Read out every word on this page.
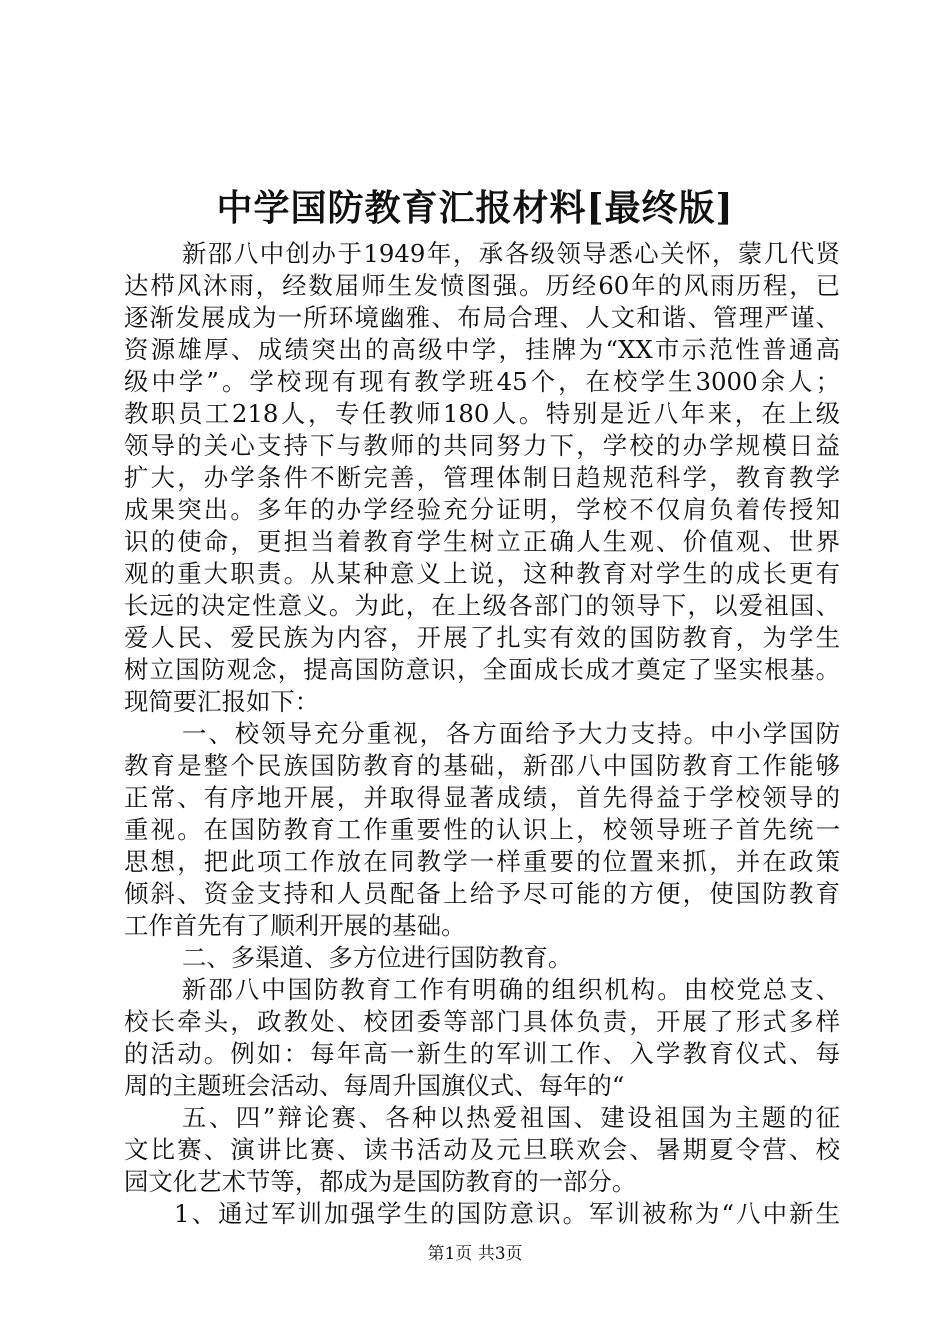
中学国防教育汇报材料[最终版]
新邵八中创办于1949年，承各级领导悉心关怀，蒙几代贤
达栉风沐雨，经数届师生发愤图强。历经60年的风雨历程，已
逐渐发展成为一所环境幽雅、布局合理、人文和谐、管理严谨、
资源雄厚、成绩突出的高级中学，挂牌为“XX市示范性普通高
级中学”。学校现有现有教学班45个，在校学生3000余人；
教职员工218人，专任教师180人。特别是近八年来，在上级
领导的关心支持下与教师的共同努力下，学校的办学规模日益
扩大，办学条件不断完善，管理体制日趋规范科学，教育教学
成果突出。多年的办学经验充分证明，学校不仅肩负着传授知
识的使命，更担当着教育学生树立正确人生观、价值观、世界
观的重大职责。从某种意义上说，这种教育对学生的成长更有
长远的决定性意义。为此，在上级各部门的领导下，以爱祖国、
爱人民、爱民族为内容，开展了扎实有效的国防教育，为学生
树立国防观念，提高国防意识，全面成长成才奠定了坚实根基。
现简要汇报如下：
一、校领导充分重视，各方面给予大力支持。中小学国防
教育是整个民族国防教育的基础，新邵八中国防教育工作能够
正常、有序地开展，并取得显著成绩，首先得益于学校领导的
重视。在国防教育工作重要性的认识上，校领导班子首先统一
思想，把此项工作放在同教学一样重要的位置来抓，并在政策
倾斜、资金支持和人员配备上给予尽可能的方便，使国防教育
工作首先有了顺利开展的基础。
二、多渠道、多方位进行国防教育。
新邵八中国防教育工作有明确的组织机构。由校党总支、
校长牵头，政教处、校团委等部门具体负责，开展了形式多样
的活动。例如：每年高一新生的军训工作、入学教育仪式、每
周的主题班会活动、每周升国旗仪式、每年的“
五、四”辩论赛、各种以热爱祖国、建设祖国为主题的征
文比赛、演讲比赛、读书活动及元旦联欢会、暑期夏令营、校
园文化艺术节等，都成为是国防教育的一部分。
1、通过军训加强学生的国防意识。军训被称为“八中新生
第1页 共3页
